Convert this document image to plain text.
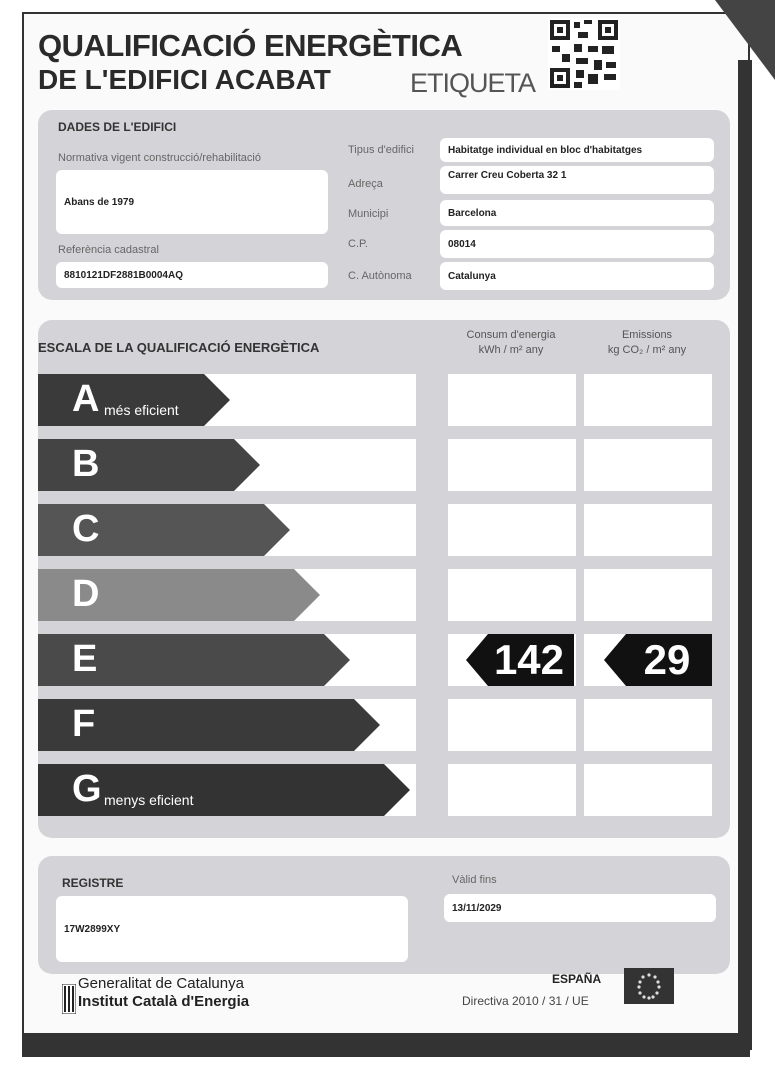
QUALIFICACIÓ ENERGÈTICA
DE L'EDIFICI ACABAT	ETIQUETA
DADES DE L'EDIFICI
Normativa vigent construcció/rehabilitació
Abans de 1979
Referència cadastral
8810121DF2881B0004AQ
Tipus d'edifici	Habitatge individual en bloc d'habitatges
Adreça
Carrer Creu Coberta 32 1
Municipi	Barcelona
C.P.	08014
C. Autònoma	Catalunya
ESCALA DE LA QUALIFICACIÓ ENERGÈTICA
Consum d'energia
kWh / m² any
Emissions
kg CO₂ / m² any
A més eficient
B
C
D
E	142	29
F
G menys eficient
REGISTRE
17W2899XY
Vàlid fins
13/11/2029
Generalitat de Catalunya
Institut Català d'Energia
ESPAÑA
Directiva 2010 / 31 / UE
